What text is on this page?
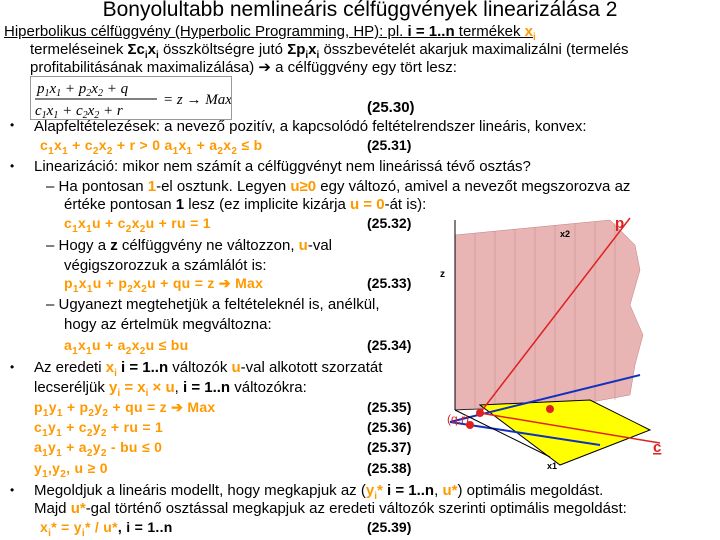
Bonyolultabb nemlineáris célfüggvények linearizálása 2
Hiperbolikus célfüggvény (Hyperbolic Programming, HP): pl. i = 1..n termékek $x_i$
termeléseinek $\Sigma c_ix_i$ összköltségre jutó $\Sigma p_ix_i$ összbevételét akarjuk maximalizálni (termelés
profitabilitásának maximalizálása) ➔ a célfüggvény egy tört lesz:
$p_1x_1 + p_2x_2 + q$
$c_1x_1 + c_2x_2 + r$
= z → Max
p
c
x2
x1
z
(q,r)
(25.30)
• Alapfeltételezések: a nevező pozitív, a kapcsolódó feltételrendszer lineáris, konvex:
$c_1x_1 + c_2x_2 + r > 0$ $a_1x_1 + a_2x_2 \le b$	(25.31)
• Linearizáció: mikor nem számít a célfüggvényt nem lineárissá tévő osztás?
– Ha pontosan 1-el osztunk. Legyen u≥0 egy változó, amivel a nevezőt megszorozva az
értéke pontosan 1 lesz (ez implicite kizárja u = 0-át is):
$c_1x_1u + c_2x_2u$ + ru = 1	(25.32)
– Hogy a z célfüggvény ne változzon, u-val
végigszorozzuk a számlálót is:
$p_1x_1u + p_2x_2u$ + qu = z ➔ Max	(25.33)
– Ugyanezt megtehetjük a feltételeknél is, anélkül,
hogy az értelmük megváltozna:
$a_1x_1u + a_2x_2u$ ≤ bu	(25.34)
• Az eredeti $x_i$ i = 1..n változók u-val alkotott szorzatát
lecseréljük $y_i = x_i \times u$, i = 1..n változókra:
$p_1y_1 + p_2y_2$ + qu = z ➔ Max	(25.35)
$c_1y_1 + c_2y_2$ + ru = 1	(25.36)
$a_1y_1 + a_2y_2$ - bu ≤ 0	(25.37)
$y_1,y_2$, u ≥ 0	(25.38)
• Megoldjuk a lineáris modellt, hogy megkapjuk az ($y_i*$ i = 1..n, u*) optimális megoldást.
Majd u*-gal történő osztással megkapjuk az eredeti változók szerinti optimális megoldást:
$x_i* = y_i* / u*$, i = 1..n	(25.39)
